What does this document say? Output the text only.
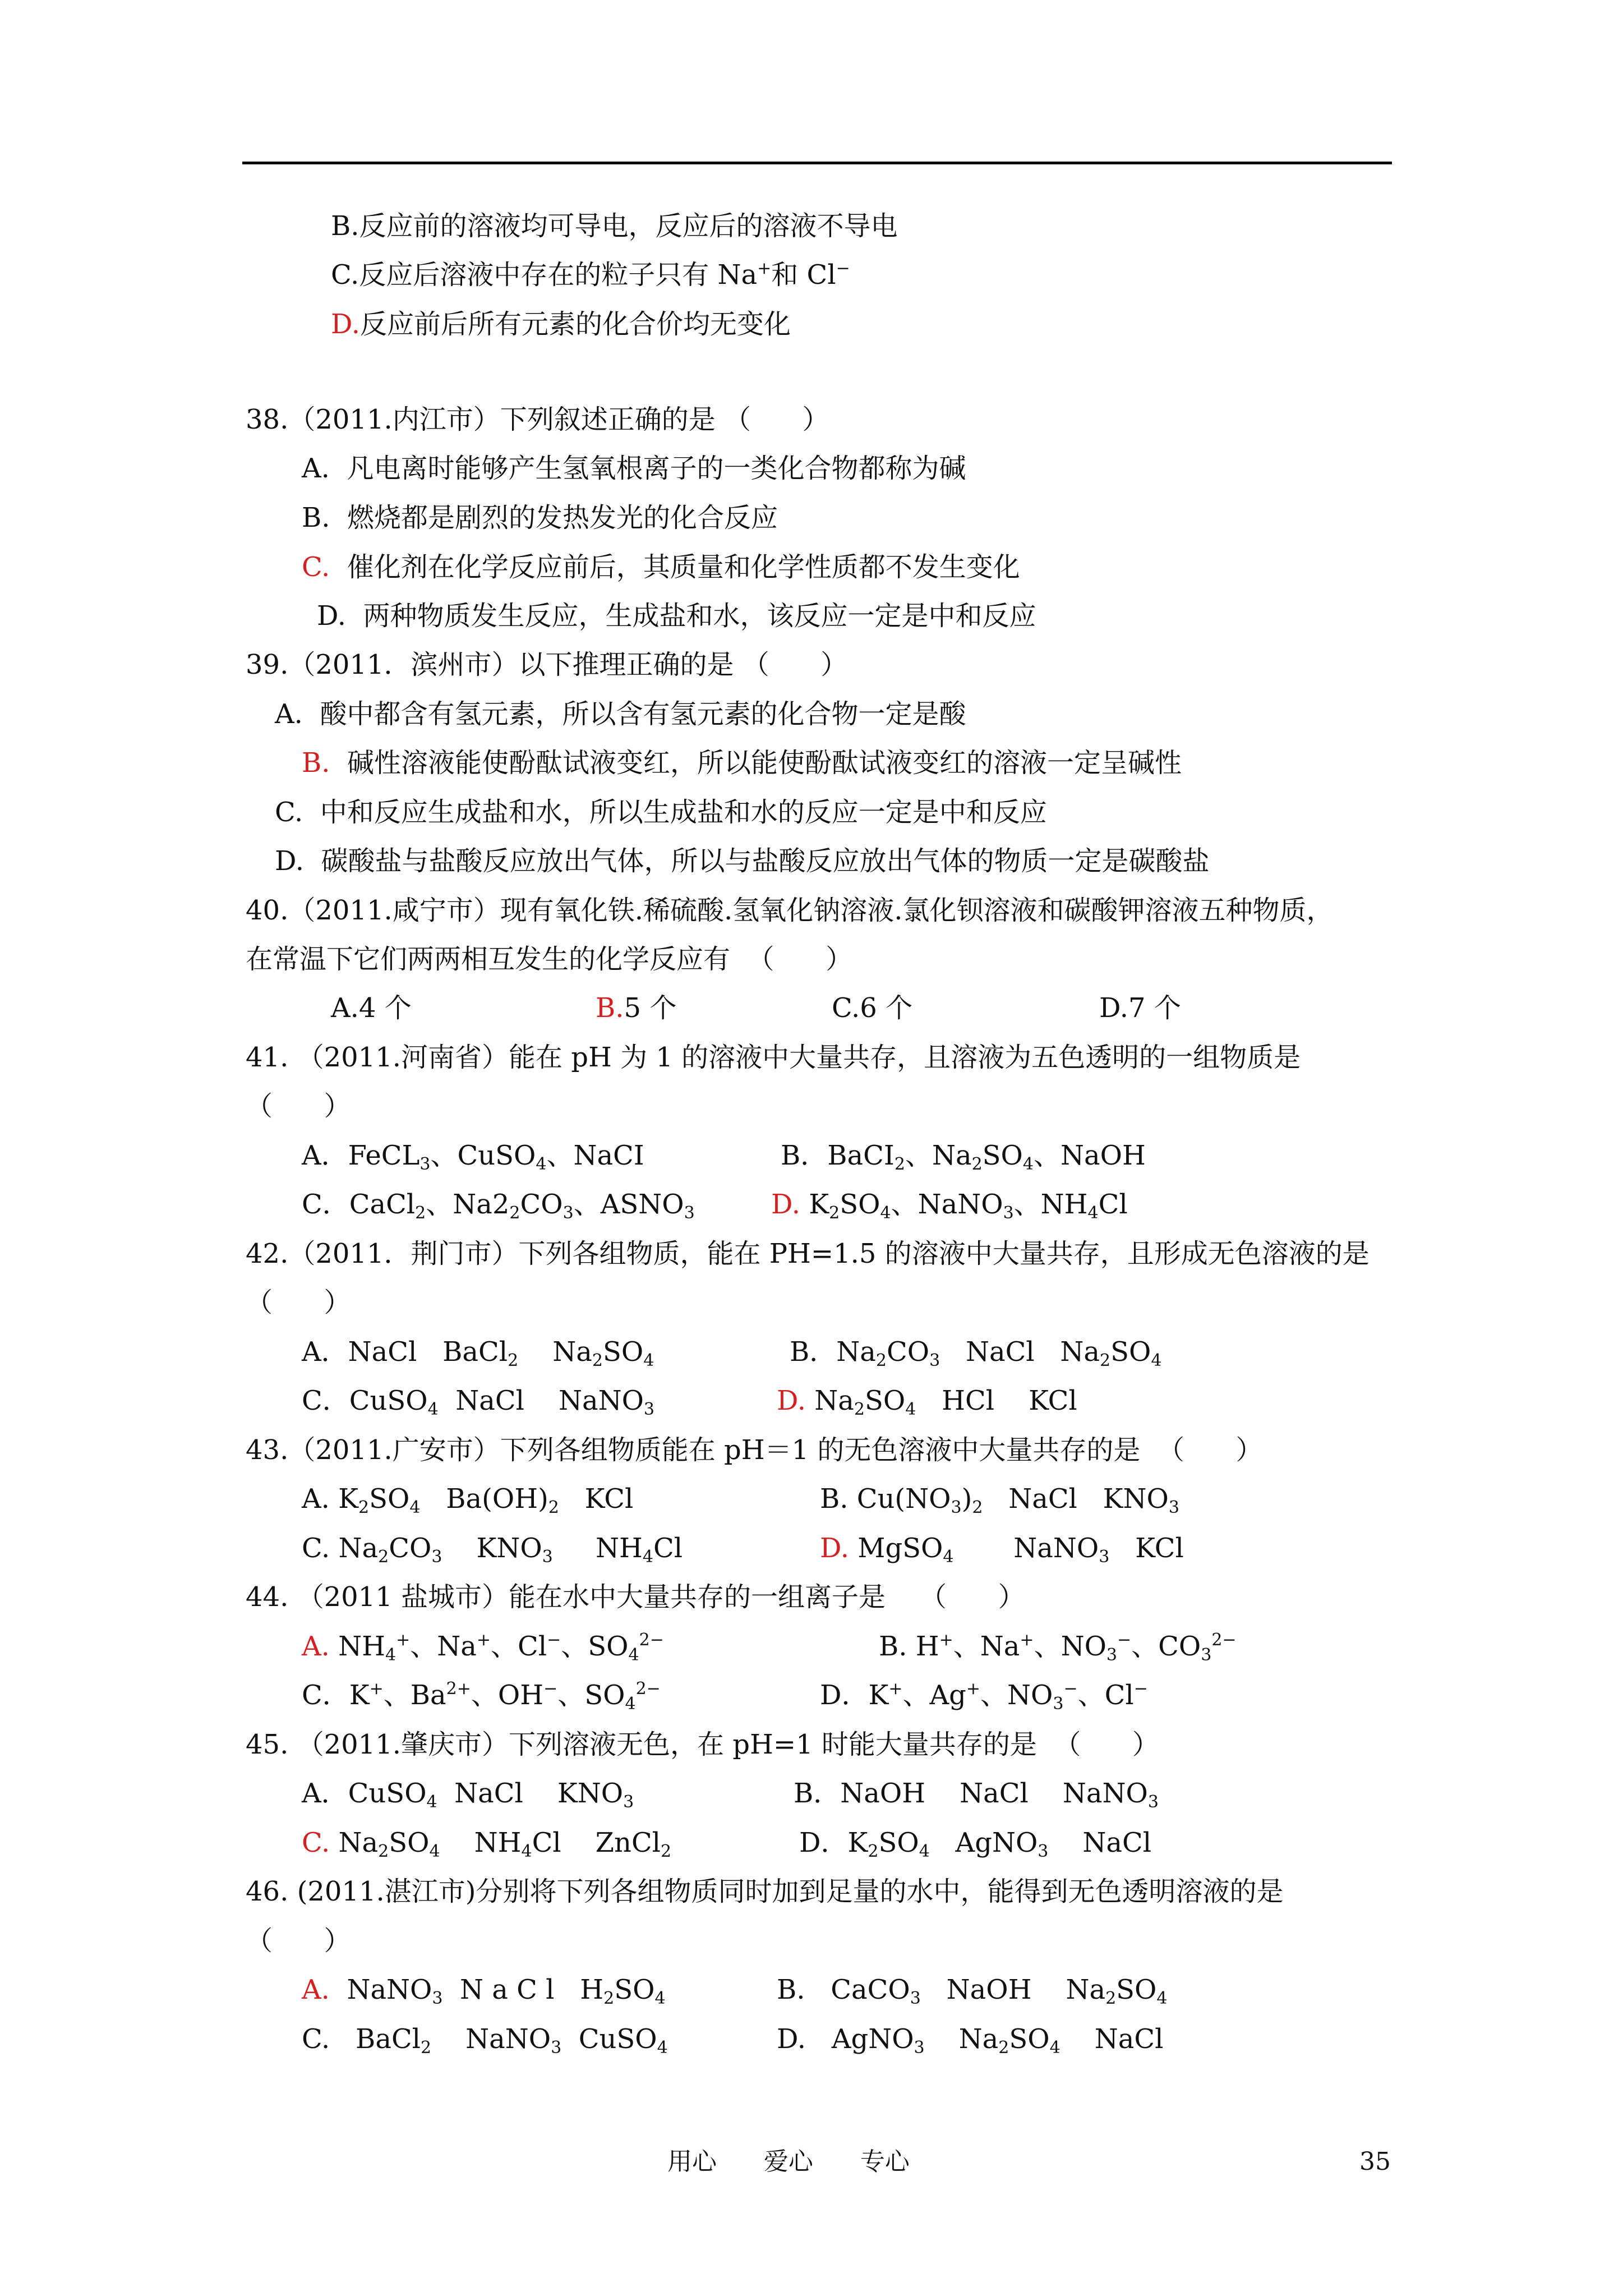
B.反应前的溶液均可导电，反应后的溶液不导电
C.反应后溶液中存在的粒子只有 Na+和 Cl−
D.反应前后所有元素的化合价均无变化
38.（2011.内江市）下列叙述正确的是 （      ）
A.  凡电离时能够产生氢氧根离子的一类化合物都称为碱
B.  燃烧都是剧烈的发热发光的化合反应
C.  催化剂在化学反应前后，其质量和化学性质都不发生变化
D.  两种物质发生反应，生成盐和水，该反应一定是中和反应
39.（2011．滨州市）以下推理正确的是 （      ）
A.  酸中都含有氢元素，所以含有氢元素的化合物一定是酸
B.  碱性溶液能使酚酞试液变红，所以能使酚酞试液变红的溶液一定呈碱性
C.  中和反应生成盐和水，所以生成盐和水的反应一定是中和反应
D.  碳酸盐与盐酸反应放出气体，所以与盐酸反应放出气体的物质一定是碳酸盐
40.（2011.咸宁市）现有氧化铁.稀硫酸.氢氧化钠溶液.氯化钡溶液和碳酸钾溶液五种物质，
在常温下它们两两相互发生的化学反应有  （      ）
A.4 个	B.5 个	C.6 个	D.7 个
41. （2011.河南省）能在 pH 为 1 的溶液中大量共存，且溶液为五色透明的一组物质是
（      ）
A．FeCL$_3$、CuSO$_4$、NaCI	B．BaCI$_2$、$Na_2SO_4$、NaOH
C．CaCl$_2$、$Na2_2CO_3$、$ASNO_3$	D. $K_2SO_4$、NaNO$_3$、$NH_4Cl$
42.（2011．荆门市）下列各组物质，能在 PH=1.5 的溶液中大量共存，且形成无色溶液的是
（      ）
A．NaCl   BaCl$_2$    $Na_2SO_4$	B．$Na_2CO_3$   NaCl   $Na_2SO_4$
C．CuSO$_4$  NaCl    NaNO$_3$	D. $Na_2SO_4$   HCl    KCl
43.（2011.广安市）下列各组物质能在 pH＝1 的无色溶液中大量共存的是  （      ）
A. $K_2SO_4$   $Ba(OH)_2$   KCl	B. $Cu(NO_3)_2$   NaCl   $KNO_3$
C. $Na_2CO_3$    $KNO_3$     $NH_4Cl$	D. MgSO$_4$       NaNO$_3$   KCl
44. （2011 盐城市）能在水中大量共存的一组离子是    （      ）
A. $NH_4^+$、Na+、Cl−、$SO_4^{2-}$	B. H+、Na+、$NO_3^-$、$CO_3^{2-}$
C．K+、$Ba^{2+}$、OH−、$SO_4^{2-}$	D．K+、Ag+、$NO_3^-$、Cl−
45. （2011.肇庆市）下列溶液无色，在 pH=1 时能大量共存的是  （      ）
A．CuSO$_4$  NaCl    $KNO_3$	B．NaOH    NaCl    NaNO$_3$
C. $Na_2SO_4$    $NH_4Cl$    ZnCl$_2$	D．$K_2SO_4$   AgNO$_3$    NaCl
46. (2011.湛江市)分别将下列各组物质同时加到足量的水中，能得到无色透明溶液的是
（      ）
A.  NaNO$_3$  N a C l   $H_2SO_4$	B.   CaCO$_3$   NaOH    $Na_2SO_4$
C.   BaCl$_2$    NaNO$_3$  CuSO$_4$	D.   AgNO$_3$    $Na_2SO_4$    NaCl
用心      爱心      专心	35
